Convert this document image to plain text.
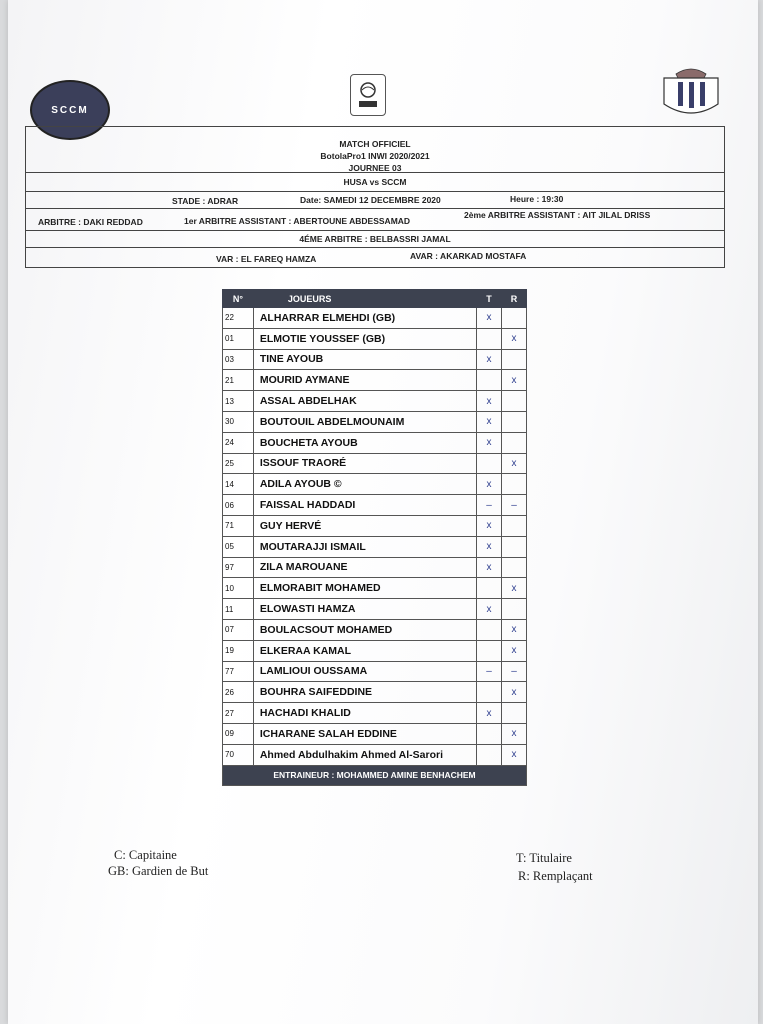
SCCM
MATCH OFFICIEL
BotolaPro1 INWI 2020/2021
JOURNEE 03
HUSA vs SCCM
STADE : ADRAR	Date: SAMEDI 12 DECEMBRE 2020	Heure : 19:30
ARBITRE : DAKI REDDAD	1er ARBITRE ASSISTANT : ABERTOUNE ABDESSAMAD
2ème ARBITRE ASSISTANT : AIT JILAL DRISS
4ÉME ARBITRE : BELBASSRI JAMAL
VAR : EL FAREQ HAMZA	AVAR : AKARKAD MOSTAFA
N°	JOUEURS	T	R
22	ALHARRAR ELMEHDI (GB)	x	
01	ELMOTIE YOUSSEF (GB)		x
03	TINE AYOUB	x	
21	MOURID AYMANE		x
13	ASSAL ABDELHAK	x	
30	BOUTOUIL ABDELMOUNAIM	x	
24	BOUCHETA AYOUB	x	
25	ISSOUF TRAORÉ		x
14	ADILA AYOUB ©	x	
06	FAISSAL HADDADI	–	–
71	GUY HERVÉ	x	
05	MOUTARAJJI ISMAIL	x	
97	ZILA MAROUANE	x	
10	ELMORABIT MOHAMED		x
11	ELOWASTI HAMZA	x	
07	BOULACSOUT MOHAMED		x
19	ELKERAA KAMAL		x
77	LAMLIOUI OUSSAMA	–	–
26	BOUHRA SAIFEDDINE		x
27	HACHADI KHALID	x	
09	ICHARANE SALAH EDDINE		x
70	Ahmed Abdulhakim Ahmed Al-Sarori		x
ENTRAINEUR : MOHAMMED AMINE BENHACHEM			
C: Capitaine
GB: Gardien de But
T: Titulaire
R: Remplaçant
